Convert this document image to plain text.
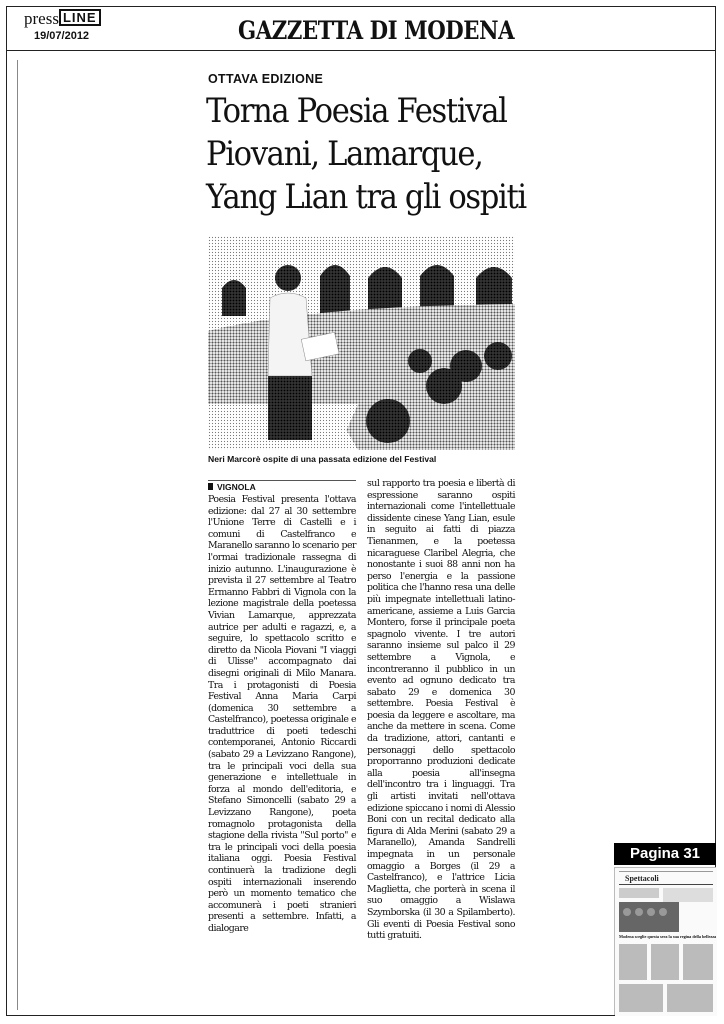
press LINE
19/07/2012	GAZZETTA DI MODENA
OTTAVA EDIZIONE
Torna Poesia Festival
Piovani, Lamarque,
Yang Lian tra gli ospiti
Neri Marcorè ospite di una passata edizione del Festival
VIGNOLA
Poesia Festival presenta l'ottava edizione: dal 27 al 30 settembre l'Unione Terre di Castelli e i comuni di Castelfranco e Maranello saranno lo scenario per l'ormai tradizionale rassegna di inizio autunno. L'inaugurazione è prevista il 27 settembre al Teatro Ermanno Fabbri di Vignola con la lezione magistrale della poetessa Vivian Lamarque, apprezzata autrice per adulti e ragazzi, e, a seguire, lo spettacolo scritto e diretto da Nicola Piovani "I viaggi di Ulisse" accompagnato dai disegni originali di Milo Manara. Tra i protagonisti di Poesia Festival Anna Maria Carpi (domenica 30 settembre a Castelfranco), poetessa originale e traduttrice di poeti tedeschi contemporanei, Antonio Riccardi (sabato 29 a Levizzano Rangone), tra le principali voci della sua generazione e intellettuale in forza al mondo dell'editoria, e Stefano Simoncelli (sabato 29 a Levizzano Rangone), poeta romagnolo protagonista della stagione della rivista "Sul porto" e tra le principali voci della poesia italiana oggi. Poesia Festival continuerà la tradizione degli ospiti internazionali inserendo però un momento tematico che accomunerà i poeti stranieri presenti a settembre. Infatti, a dialogare
sul rapporto tra poesia e libertà di espressione saranno ospiti internazionali come l'intellettuale dissidente cinese Yang Lian, esule in seguito ai fatti di piazza Tienanmen, e la poetessa nicaraguese Claribel Alegria, che nonostante i suoi 88 anni non ha perso l'energia e la passione politica che l'hanno resa una delle più impegnate intellettuali latino-americane, assieme a Luis Garcia Montero, forse il principale poeta spagnolo vivente. I tre autori saranno insieme sul palco il 29 settembre a Vignola, e incontreranno il pubblico in un evento ad ognuno dedicato tra sabato 29 e domenica 30 settembre. Poesia Festival è poesia da leggere e ascoltare, ma anche da mettere in scena. Come da tradizione, attori, cantanti e personaggi dello spettacolo proporranno produzioni dedicate alla poesia all'insegna dell'incontro tra i linguaggi. Tra gli artisti invitati nell'ottava edizione spiccano i nomi di Alessio Boni con un recital dedicato alla figura di Alda Merini (sabato 29 a Maranello), Amanda Sandrelli impegnata in un personale omaggio a Borges (il 29 a Castelfranco), e l'attrice Licia Maglietta, che porterà in scena il suo omaggio a Wislawa Szymborska (il 30 a Spilamberto). Gli eventi di Poesia Festival sono tutti gratuiti.
Pagina 31
Spettacoli
Modena sceglie questa sera la sua regina della bellezza
